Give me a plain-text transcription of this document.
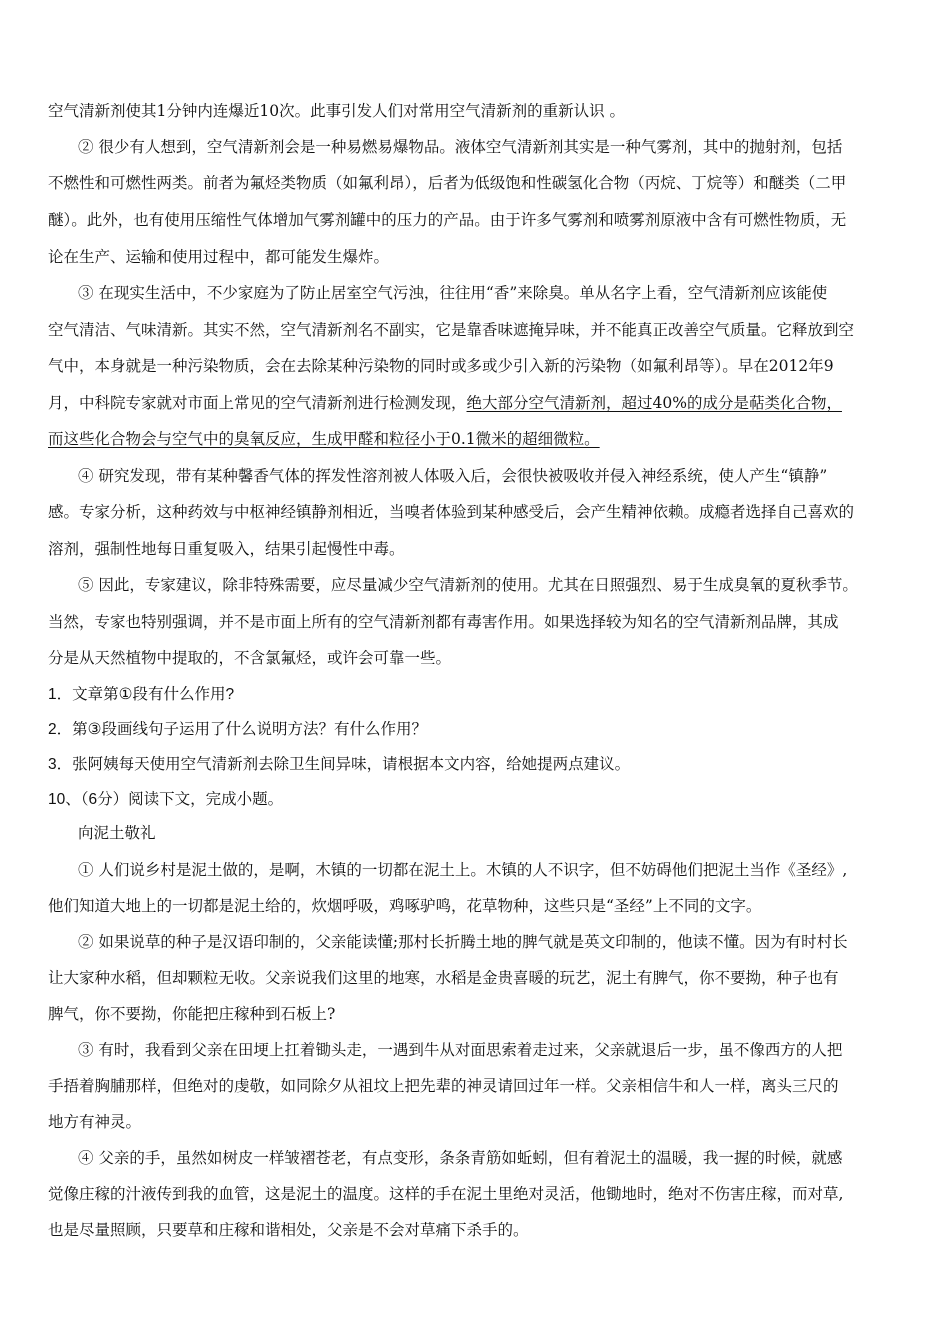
空气清新剂使其1分钟内连爆近10次。此事引发人们对常用空气清新剂的重新认识 。
② 很少有人想到，空气清新剂会是一种易燃易爆物品。液体空气清新剂其实是一种气雾剂，其中的抛射剂，包括
不燃性和可燃性两类。前者为氟烃类物质（如氟利昂），后者为低级饱和性碳氢化合物（丙烷、丁烷等）和醚类（二甲
醚）。此外，也有使用压缩性气体增加气雾剂罐中的压力的产品。由于许多气雾剂和喷雾剂原液中含有可燃性物质，无
论在生产、运输和使用过程中，都可能发生爆炸。
③ 在现实生活中，不少家庭为了防止居室空气污浊，往往用“香”来除臭。单从名字上看，空气清新剂应该能使
空气清洁、气味清新。其实不然，空气清新剂名不副实，它是靠香味遮掩异味，并不能真正改善空气质量。它释放到空
气中，本身就是一种污染物质，会在去除某种污染物的同时或多或少引入新的污染物（如氟利昂等）。早在2012年9
月，中科院专家就对市面上常见的空气清新剂进行检测发现，绝大部分空气清新剂，超过40%的成分是萜类化合物，
而这些化合物会与空气中的臭氧反应，生成甲醛和粒径小于0.1微米的超细微粒。
④ 研究发现，带有某种馨香气体的挥发性溶剂被人体吸入后，会很快被吸收并侵入神经系统，使人产生“镇静”
感。专家分析，这种药效与中枢神经镇静剂相近，当嗅者体验到某种感受后，会产生精神依赖。成瘾者选择自己喜欢的
溶剂，强制性地每日重复吸入，结果引起慢性中毒。
⑤ 因此，专家建议，除非特殊需要，应尽量减少空气清新剂的使用。尤其在日照强烈、易于生成臭氧的夏秋季节。
当然，专家也特别强调，并不是市面上所有的空气清新剂都有毒害作用。如果选择较为知名的空气清新剂品牌，其成
分是从天然植物中提取的，不含氯氟烃，或许会可靠一些。
1．文章第①段有什么作用?
2．第③段画线句子运用了什么说明方法？有什么作用？
3．张阿姨每天使用空气清新剂去除卫生间异味，请根据本文内容，给她提两点建议。
10、（6分）阅读下文，完成小题。
向泥土敬礼
① 人们说乡村是泥土做的，是啊，木镇的一切都在泥土上。木镇的人不识字，但不妨碍他们把泥土当作《圣经》,
他们知道大地上的一切都是泥土给的，炊烟呼吸，鸡啄驴鸣，花草物种，这些只是“圣经”上不同的文字。
② 如果说草的种子是汉语印制的，父亲能读懂;那村长折腾土地的脾气就是英文印制的，他读不懂。因为有时村长
让大家种水稻，但却颗粒无收。父亲说我们这里的地寒，水稻是金贵喜暖的玩艺，泥土有脾气，你不要拗，种子也有
脾气，你不要拗，你能把庄稼种到石板上?
③ 有时，我看到父亲在田埂上扛着锄头走，一遇到牛从对面思索着走过来，父亲就退后一步，虽不像西方的人把
手捂着胸脯那样，但绝对的虔敬，如同除夕从祖坟上把先辈的神灵请回过年一样。父亲相信牛和人一样，离头三尺的
地方有神灵。
④ 父亲的手，虽然如树皮一样皱褶苍老，有点变形，条条青筋如蚯蚓，但有着泥土的温暖，我一握的时候，就感
觉像庄稼的汁液传到我的血管，这是泥土的温度。这样的手在泥土里绝对灵活，他锄地时，绝对不伤害庄稼，而对草,
也是尽量照顾，只要草和庄稼和谐相处，父亲是不会对草痛下杀手的。
